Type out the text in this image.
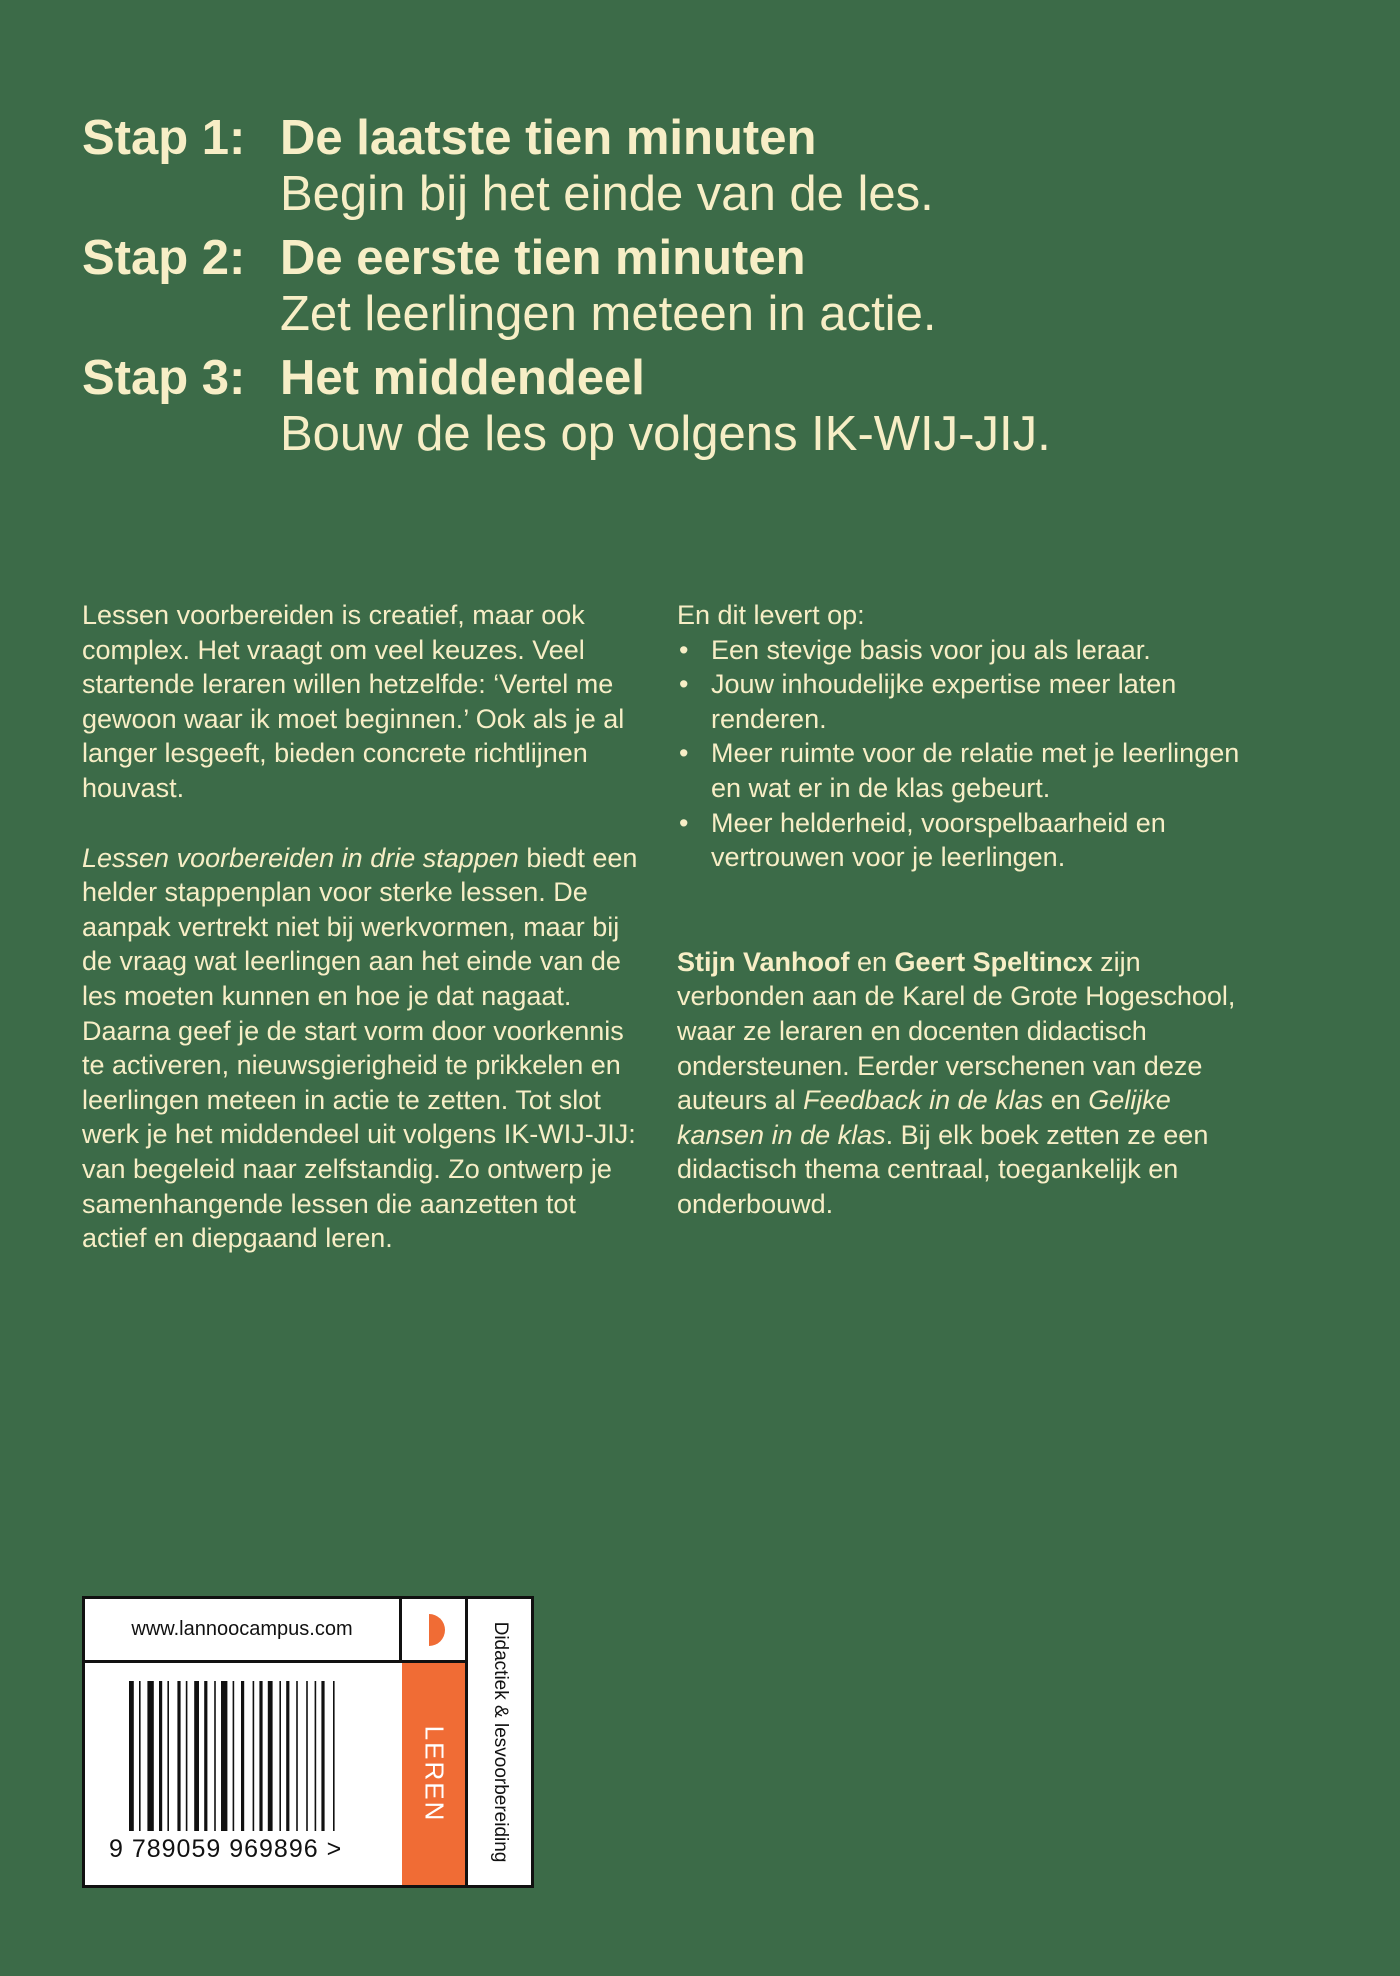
Stap 1: De laatste tien minuten
Begin bij het einde van de les.
Stap 2: De eerste tien minuten
Zet leerlingen meteen in actie.
Stap 3: Het middendeel
Bouw de les op volgens IK-WIJ-JIJ.

Lessen voorbereiden is creatief, maar ook complex. Het vraagt om veel keuzes. Veel startende leraren willen hetzelfde: ‘Vertel me gewoon waar ik moet beginnen.’ Ook als je al langer lesgeeft, bieden concrete richtlijnen houvast.

Lessen voorbereiden in drie stappen biedt een helder stappenplan voor sterke lessen. De aanpak vertrekt niet bij werkvormen, maar bij de vraag wat leerlingen aan het einde van de les moeten kunnen en hoe je dat nagaat. Daarna geef je de start vorm door voorkennis te activeren, nieuwsgierigheid te prikkelen en leerlingen meteen in actie te zetten. Tot slot werk je het middendeel uit volgens IK-WIJ-JIJ: van begeleid naar zelfstandig. Zo ontwerp je samenhangende lessen die aanzetten tot actief en diepgaand leren.

En dit levert op:

• Een stevige basis voor jou als leraar.
• Jouw inhoudelijke expertise meer laten renderen.
• Meer ruimte voor de relatie met je leerlingen en wat er in de klas gebeurt.
• Meer helderheid, voorspelbaarheid en vertrouwen voor je leerlingen.

Stijn Vanhoof en Geert Speltincx zijn verbonden aan de Karel de Grote Hogeschool, waar ze leraren en docenten didactisch ondersteunen. Eerder verschenen van deze auteurs al Feedback in de klas en Gelijke kansen in de klas. Bij elk boek zetten ze een didactisch thema centraal, toegankelijk en onderbouwd.

www.lannoocampus.com
LEREN Didactiek & lesvoorbereiding
9 789059 969896 >
